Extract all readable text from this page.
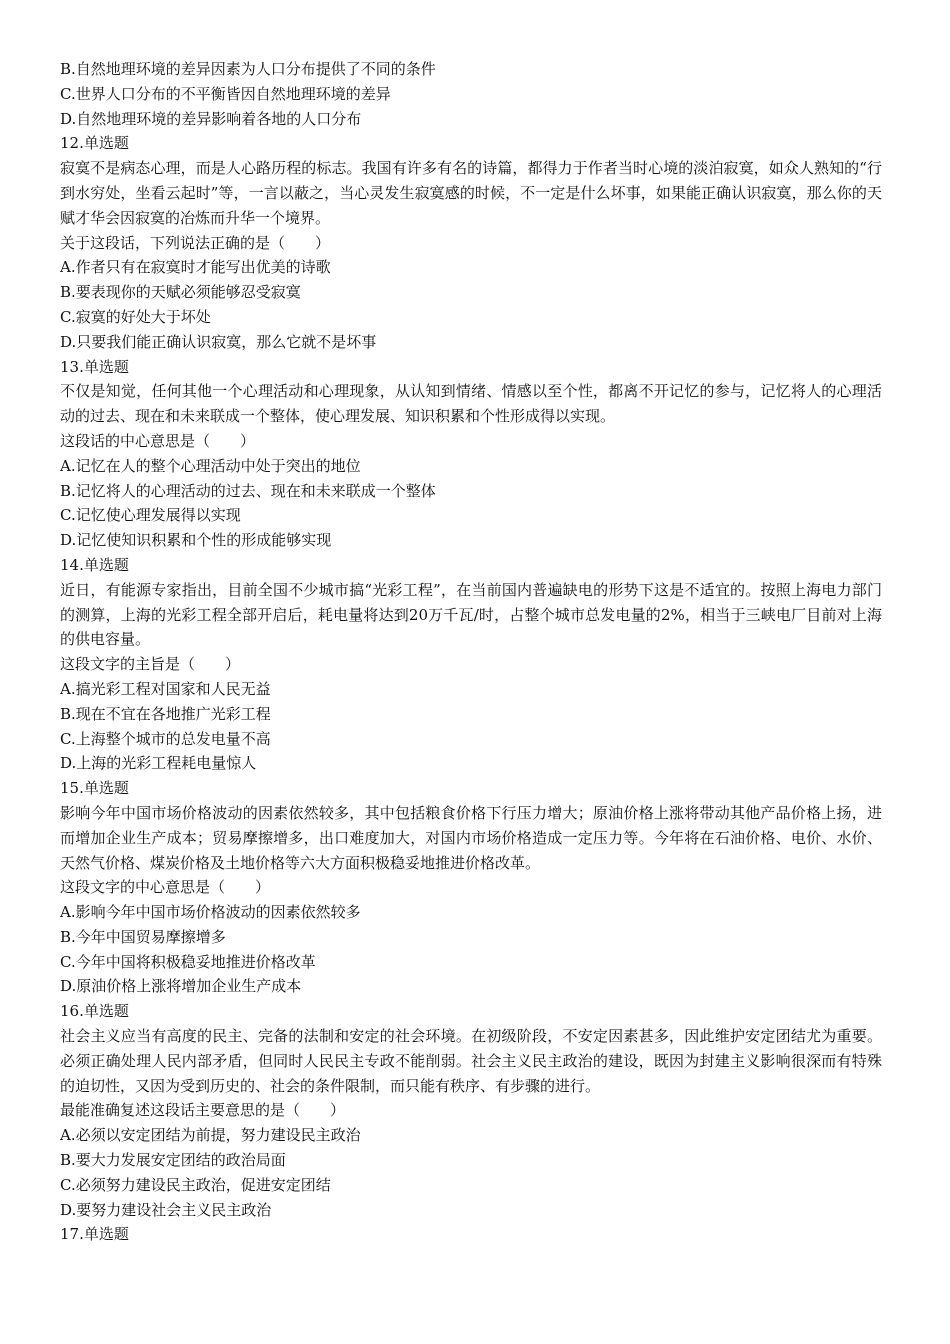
B.自然地理环境的差异因素为人口分布提供了不同的条件
C.世界人口分布的不平衡皆因自然地理环境的差异
D.自然地理环境的差异影响着各地的人口分布
12.单选题
寂寞不是病态心理，而是人心路历程的标志。我国有许多有名的诗篇，都得力于作者当时心境的淡泊寂寞，如众人熟知的“行到水穷处，坐看云起时”等，一言以蔽之，当心灵发生寂寞感的时候，不一定是什么坏事，如果能正确认识寂寞，那么你的天赋才华会因寂寞的冶炼而升华一个境界。
关于这段话，下列说法正确的是（　　）
A.作者只有在寂寞时才能写出优美的诗歌
B.要表现你的天赋必须能够忍受寂寞
C.寂寞的好处大于坏处
D.只要我们能正确认识寂寞，那么它就不是坏事
13.单选题
不仅是知觉，任何其他一个心理活动和心理现象，从认知到情绪、情感以至个性，都离不开记忆的参与，记忆将人的心理活动的过去、现在和未来联成一个整体，使心理发展、知识积累和个性形成得以实现。
这段话的中心意思是（　　）
A.记忆在人的整个心理活动中处于突出的地位
B.记忆将人的心理活动的过去、现在和未来联成一个整体
C.记忆使心理发展得以实现
D.记忆使知识积累和个性的形成能够实现
14.单选题
近日，有能源专家指出，目前全国不少城市搞“光彩工程”，在当前国内普遍缺电的形势下这是不适宜的。按照上海电力部门的测算，上海的光彩工程全部开启后，耗电量将达到20万千瓦/时，占整个城市总发电量的2%，相当于三峡电厂目前对上海的供电容量。
这段文字的主旨是（　　）
A.搞光彩工程对国家和人民无益
B.现在不宜在各地推广光彩工程
C.上海整个城市的总发电量不高
D.上海的光彩工程耗电量惊人
15.单选题
影响今年中国市场价格波动的因素依然较多，其中包括粮食价格下行压力增大；原油价格上涨将带动其他产品价格上扬，进而增加企业生产成本；贸易摩擦增多，出口难度加大，对国内市场价格造成一定压力等。今年将在石油价格、电价、水价、天然气价格、煤炭价格及土地价格等六大方面积极稳妥地推进价格改革。
这段文字的中心意思是（　　）
A.影响今年中国市场价格波动的因素依然较多
B.今年中国贸易摩擦增多
C.今年中国将积极稳妥地推进价格改革
D.原油价格上涨将增加企业生产成本
16.单选题
社会主义应当有高度的民主、完备的法制和安定的社会环境。在初级阶段，不安定因素甚多，因此维护安定团结尤为重要。必须正确处理人民内部矛盾，但同时人民民主专政不能削弱。社会主义民主政治的建设，既因为封建主义影响很深而有特殊的迫切性，又因为受到历史的、社会的条件限制，而只能有秩序、有步骤的进行。
最能准确复述这段话主要意思的是（　　）
A.必须以安定团结为前提，努力建设民主政治
B.要大力发展安定团结的政治局面
C.必须努力建设民主政治，促进安定团结
D.要努力建设社会主义民主政治
17.单选题
